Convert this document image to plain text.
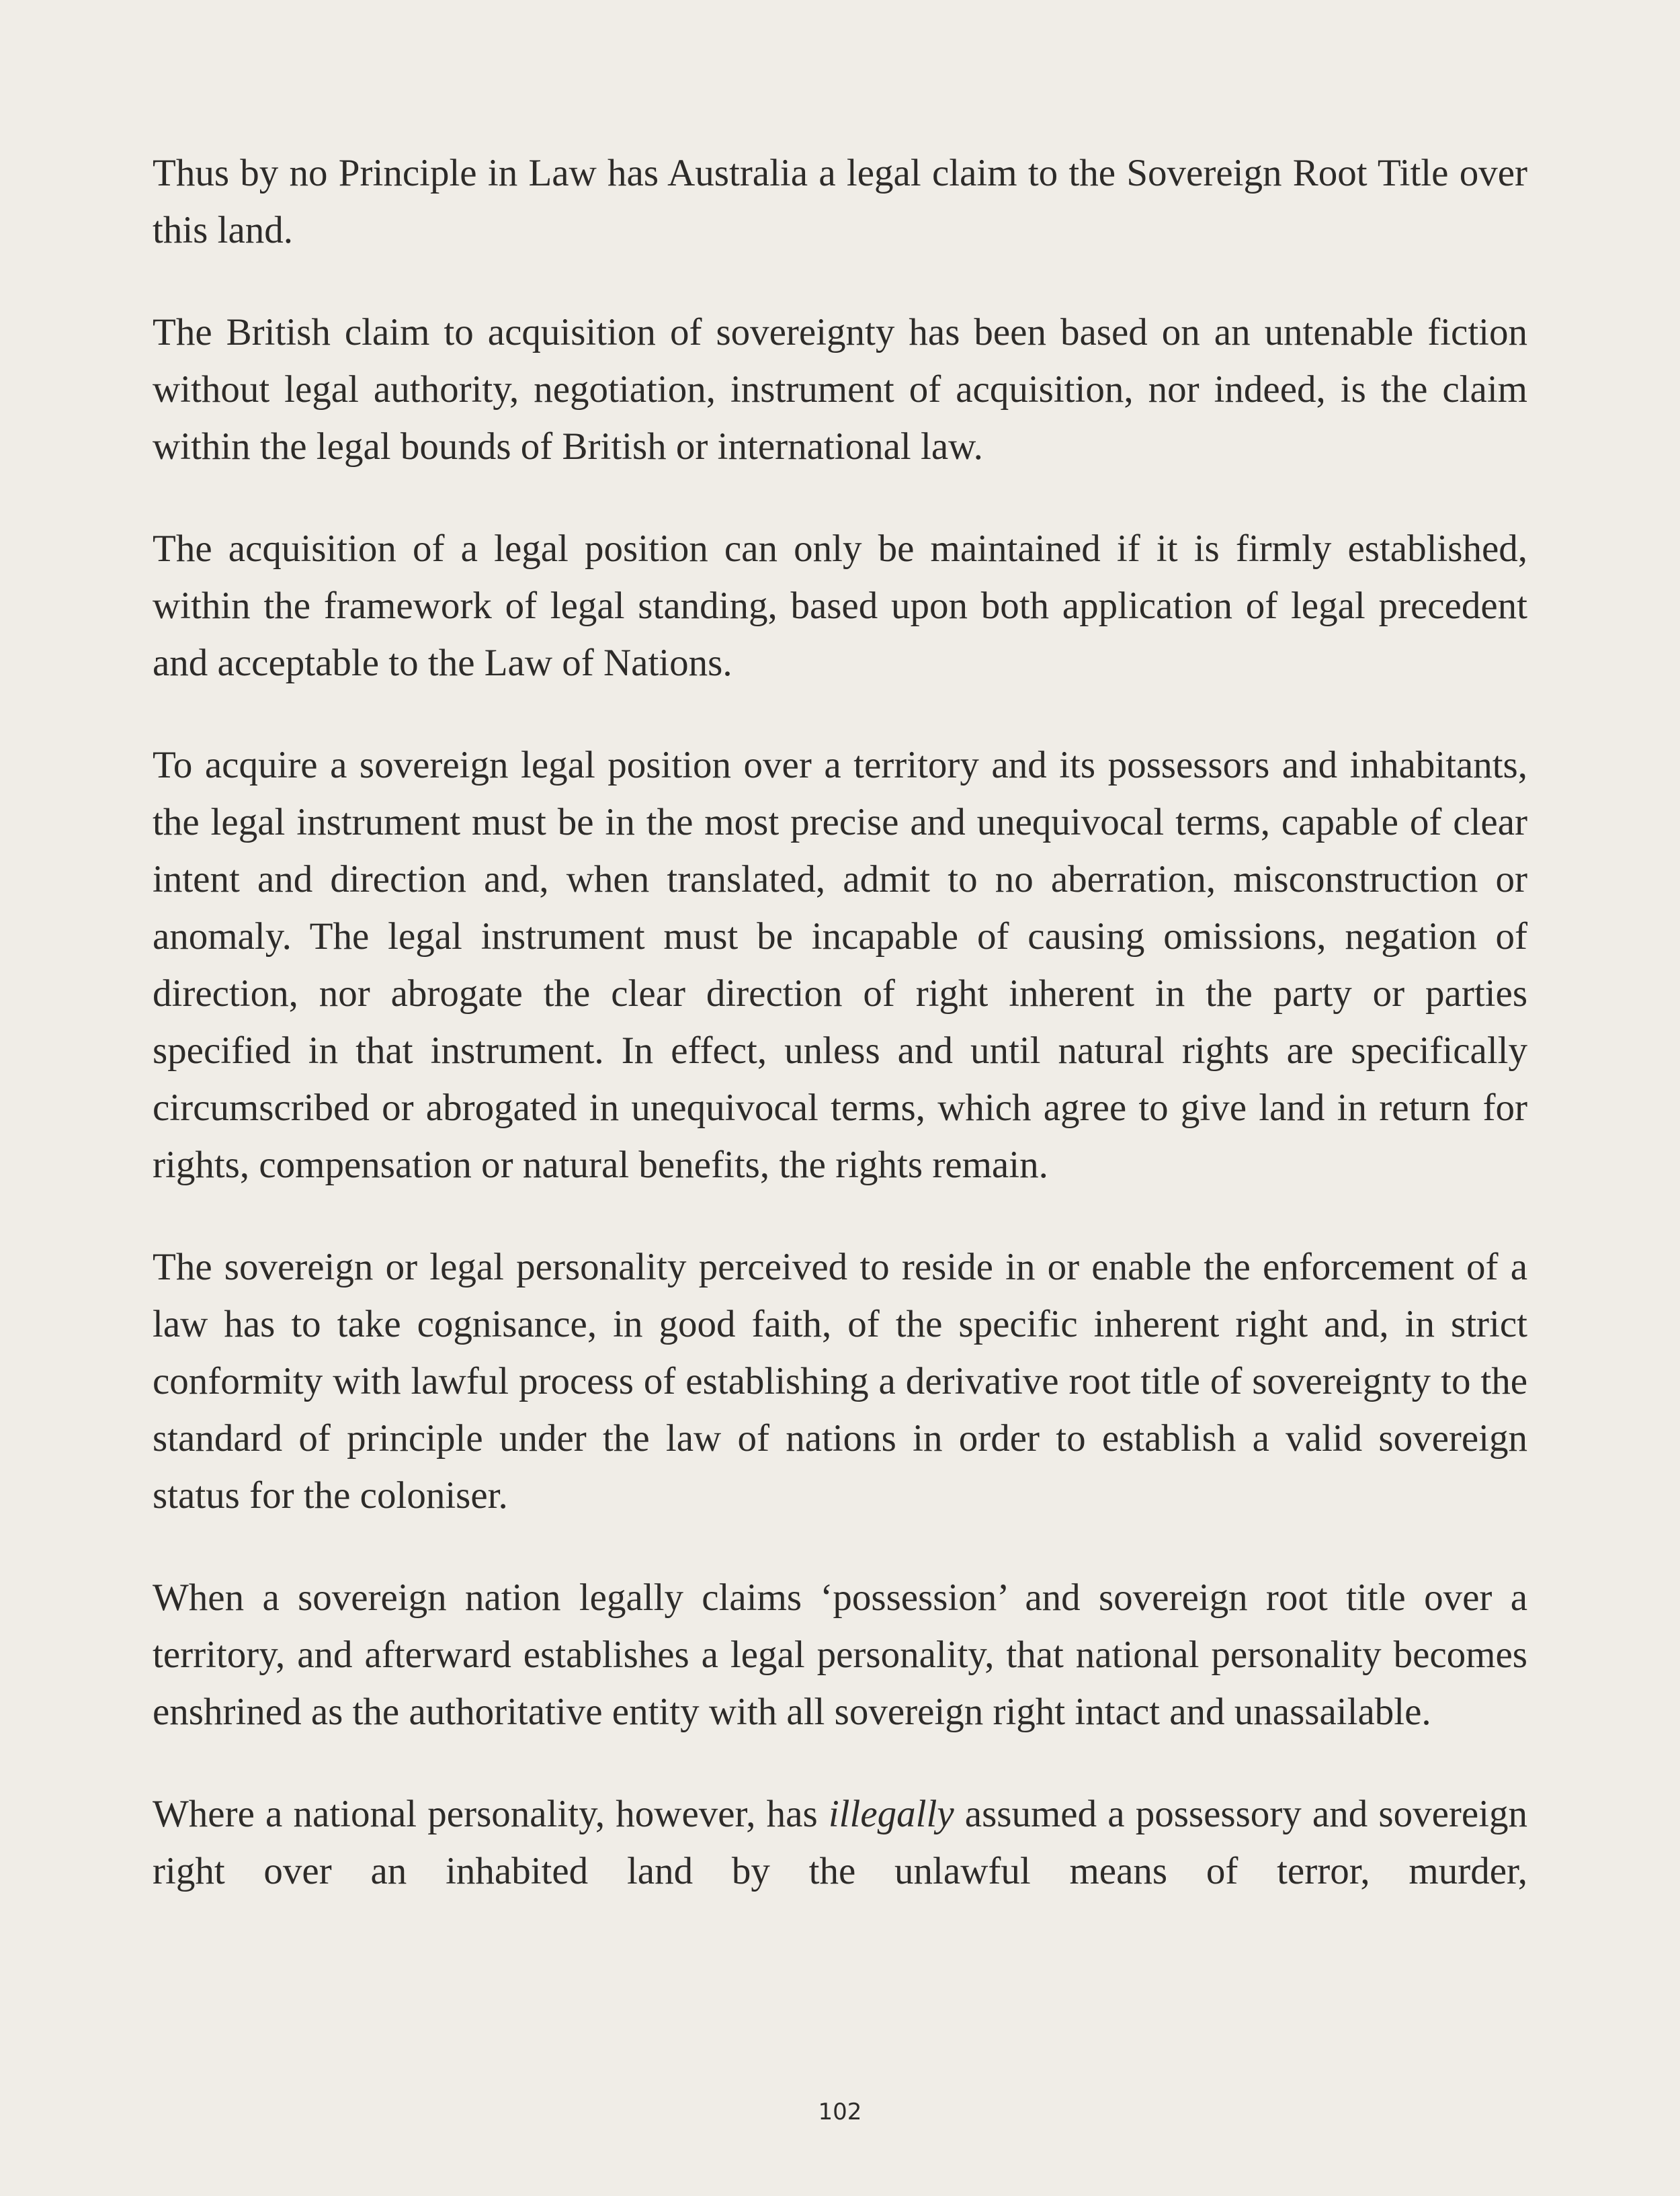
Thus by no Principle in Law has Australia a legal claim to the Sovereign Root Title over this land.

The British claim to acquisition of sovereignty has been based on an untenable fiction without legal authority, negotiation, instrument of acquisition, nor indeed, is the claim within the legal bounds of British or international law.

The acquisition of a legal position can only be maintained if it is firmly established, within the framework of legal standing, based upon both application of legal precedent and acceptable to the Law of Nations.

To acquire a sovereign legal position over a territory and its possessors and inhabitants, the legal instrument must be in the most precise and unequivocal terms, capable of clear intent and direction and, when translated, admit to no aberration, misconstruction or anomaly. The legal instrument must be incapable of causing omissions, negation of direction, nor abrogate the clear direction of right inherent in the party or parties specified in that instrument. In effect, unless and until natural rights are specifically circumscribed or abrogated in unequivocal terms, which agree to give land in return for rights, compensation or natural benefits, the rights remain.

The sovereign or legal personality perceived to reside in or enable the enforcement of a law has to take cognisance, in good faith, of the specific inherent right and, in strict conformity with lawful process of establishing a derivative root title of sovereignty to the standard of principle under the law of nations in order to establish a valid sovereign status for the coloniser.

When a sovereign nation legally claims ‘possession’ and sovereign root title over a territory, and afterward establishes a legal personality, that national personality becomes enshrined as the authoritative entity with all sovereign right intact and unassailable.

Where a national personality, however, has illegally assumed a possessory and sovereign right over an inhabited land by the unlawful means of terror, murder,

102
